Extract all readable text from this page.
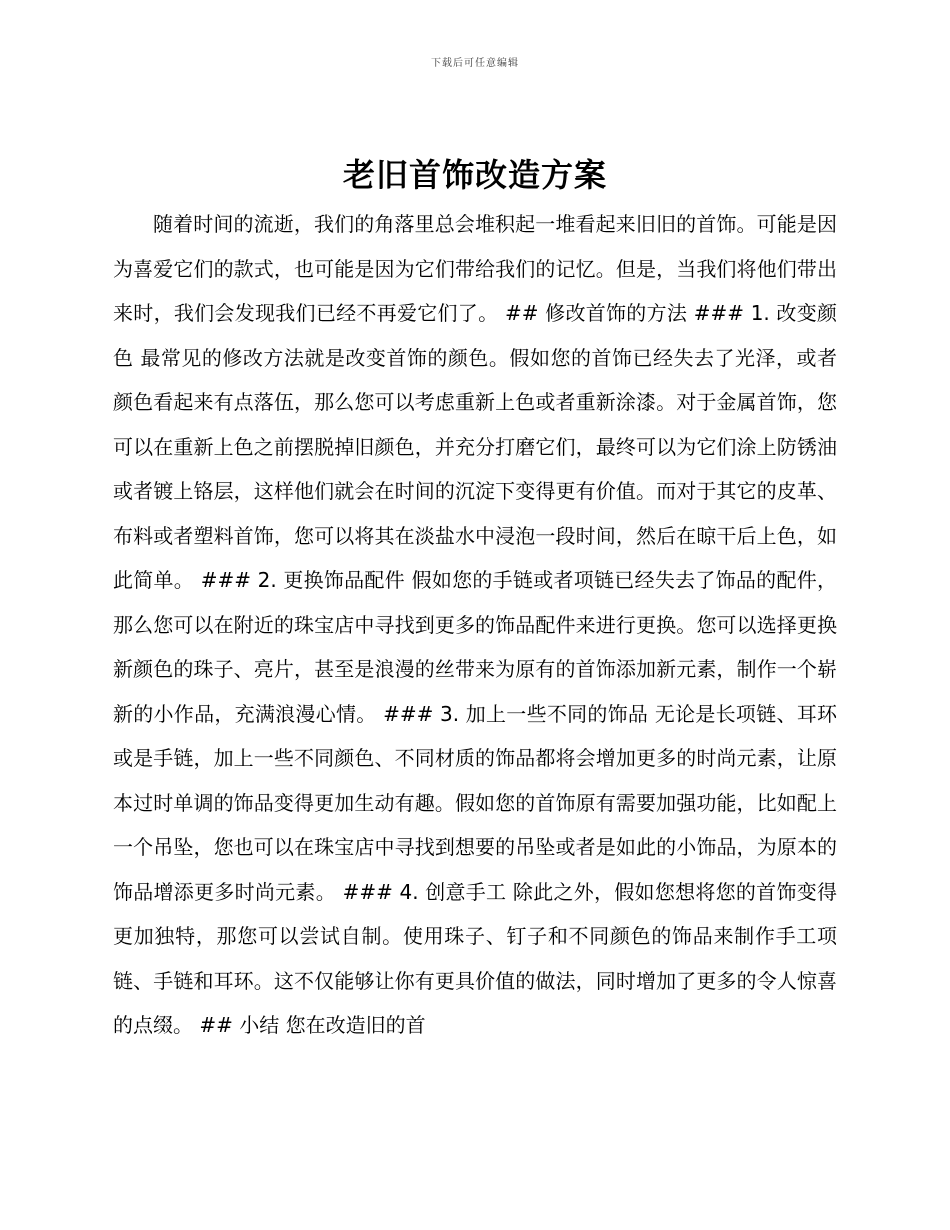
下载后可任意编辑
老旧首饰改造方案

随着时间的流逝，我们的角落里总会堆积起一堆看起来旧旧的首饰。可能是因为喜爱它们的款式，也可能是因为它们带给我们的记忆。但是，当我们将他们带出来时，我们会发现我们已经不再爱它们了。 ## 修改首饰的方法 ### 1. 改变颜色 最常见的修改方法就是改变首饰的颜色。假如您的首饰已经失去了光泽，或者颜色看起来有点落伍，那么您可以考虑重新上色或者重新涂漆。对于金属首饰，您可以在重新上色之前摆脱掉旧颜色，并充分打磨它们，最终可以为它们涂上防锈油或者镀上铬层，这样他们就会在时间的沉淀下变得更有价值。而对于其它的皮革、布料或者塑料首饰，您可以将其在淡盐水中浸泡一段时间，然后在晾干后上色，如此简单。 ### 2. 更换饰品配件 假如您的手链或者项链已经失去了饰品的配件，那么您可以在附近的珠宝店中寻找到更多的饰品配件来进行更换。您可以选择更换新颜色的珠子、亮片，甚至是浪漫的丝带来为原有的首饰添加新元素，制作一个崭新的小作品，充满浪漫心情。 ### 3. 加上一些不同的饰品 无论是长项链、耳环或是手链，加上一些不同颜色、不同材质的饰品都将会增加更多的时尚元素，让原本过时单调的饰品变得更加生动有趣。假如您的首饰原有需要加强功能，比如配上一个吊坠，您也可以在珠宝店中寻找到想要的吊坠或者是如此的小饰品，为原本的饰品增添更多时尚元素。 ### 4. 创意手工 除此之外，假如您想将您的首饰变得更加独特，那您可以尝试自制。使用珠子、钉子和不同颜色的饰品来制作手工项链、手链和耳环。这不仅能够让你有更具价值的做法，同时增加了更多的令人惊喜的点缀。 ## 小结 您在改造旧的首
